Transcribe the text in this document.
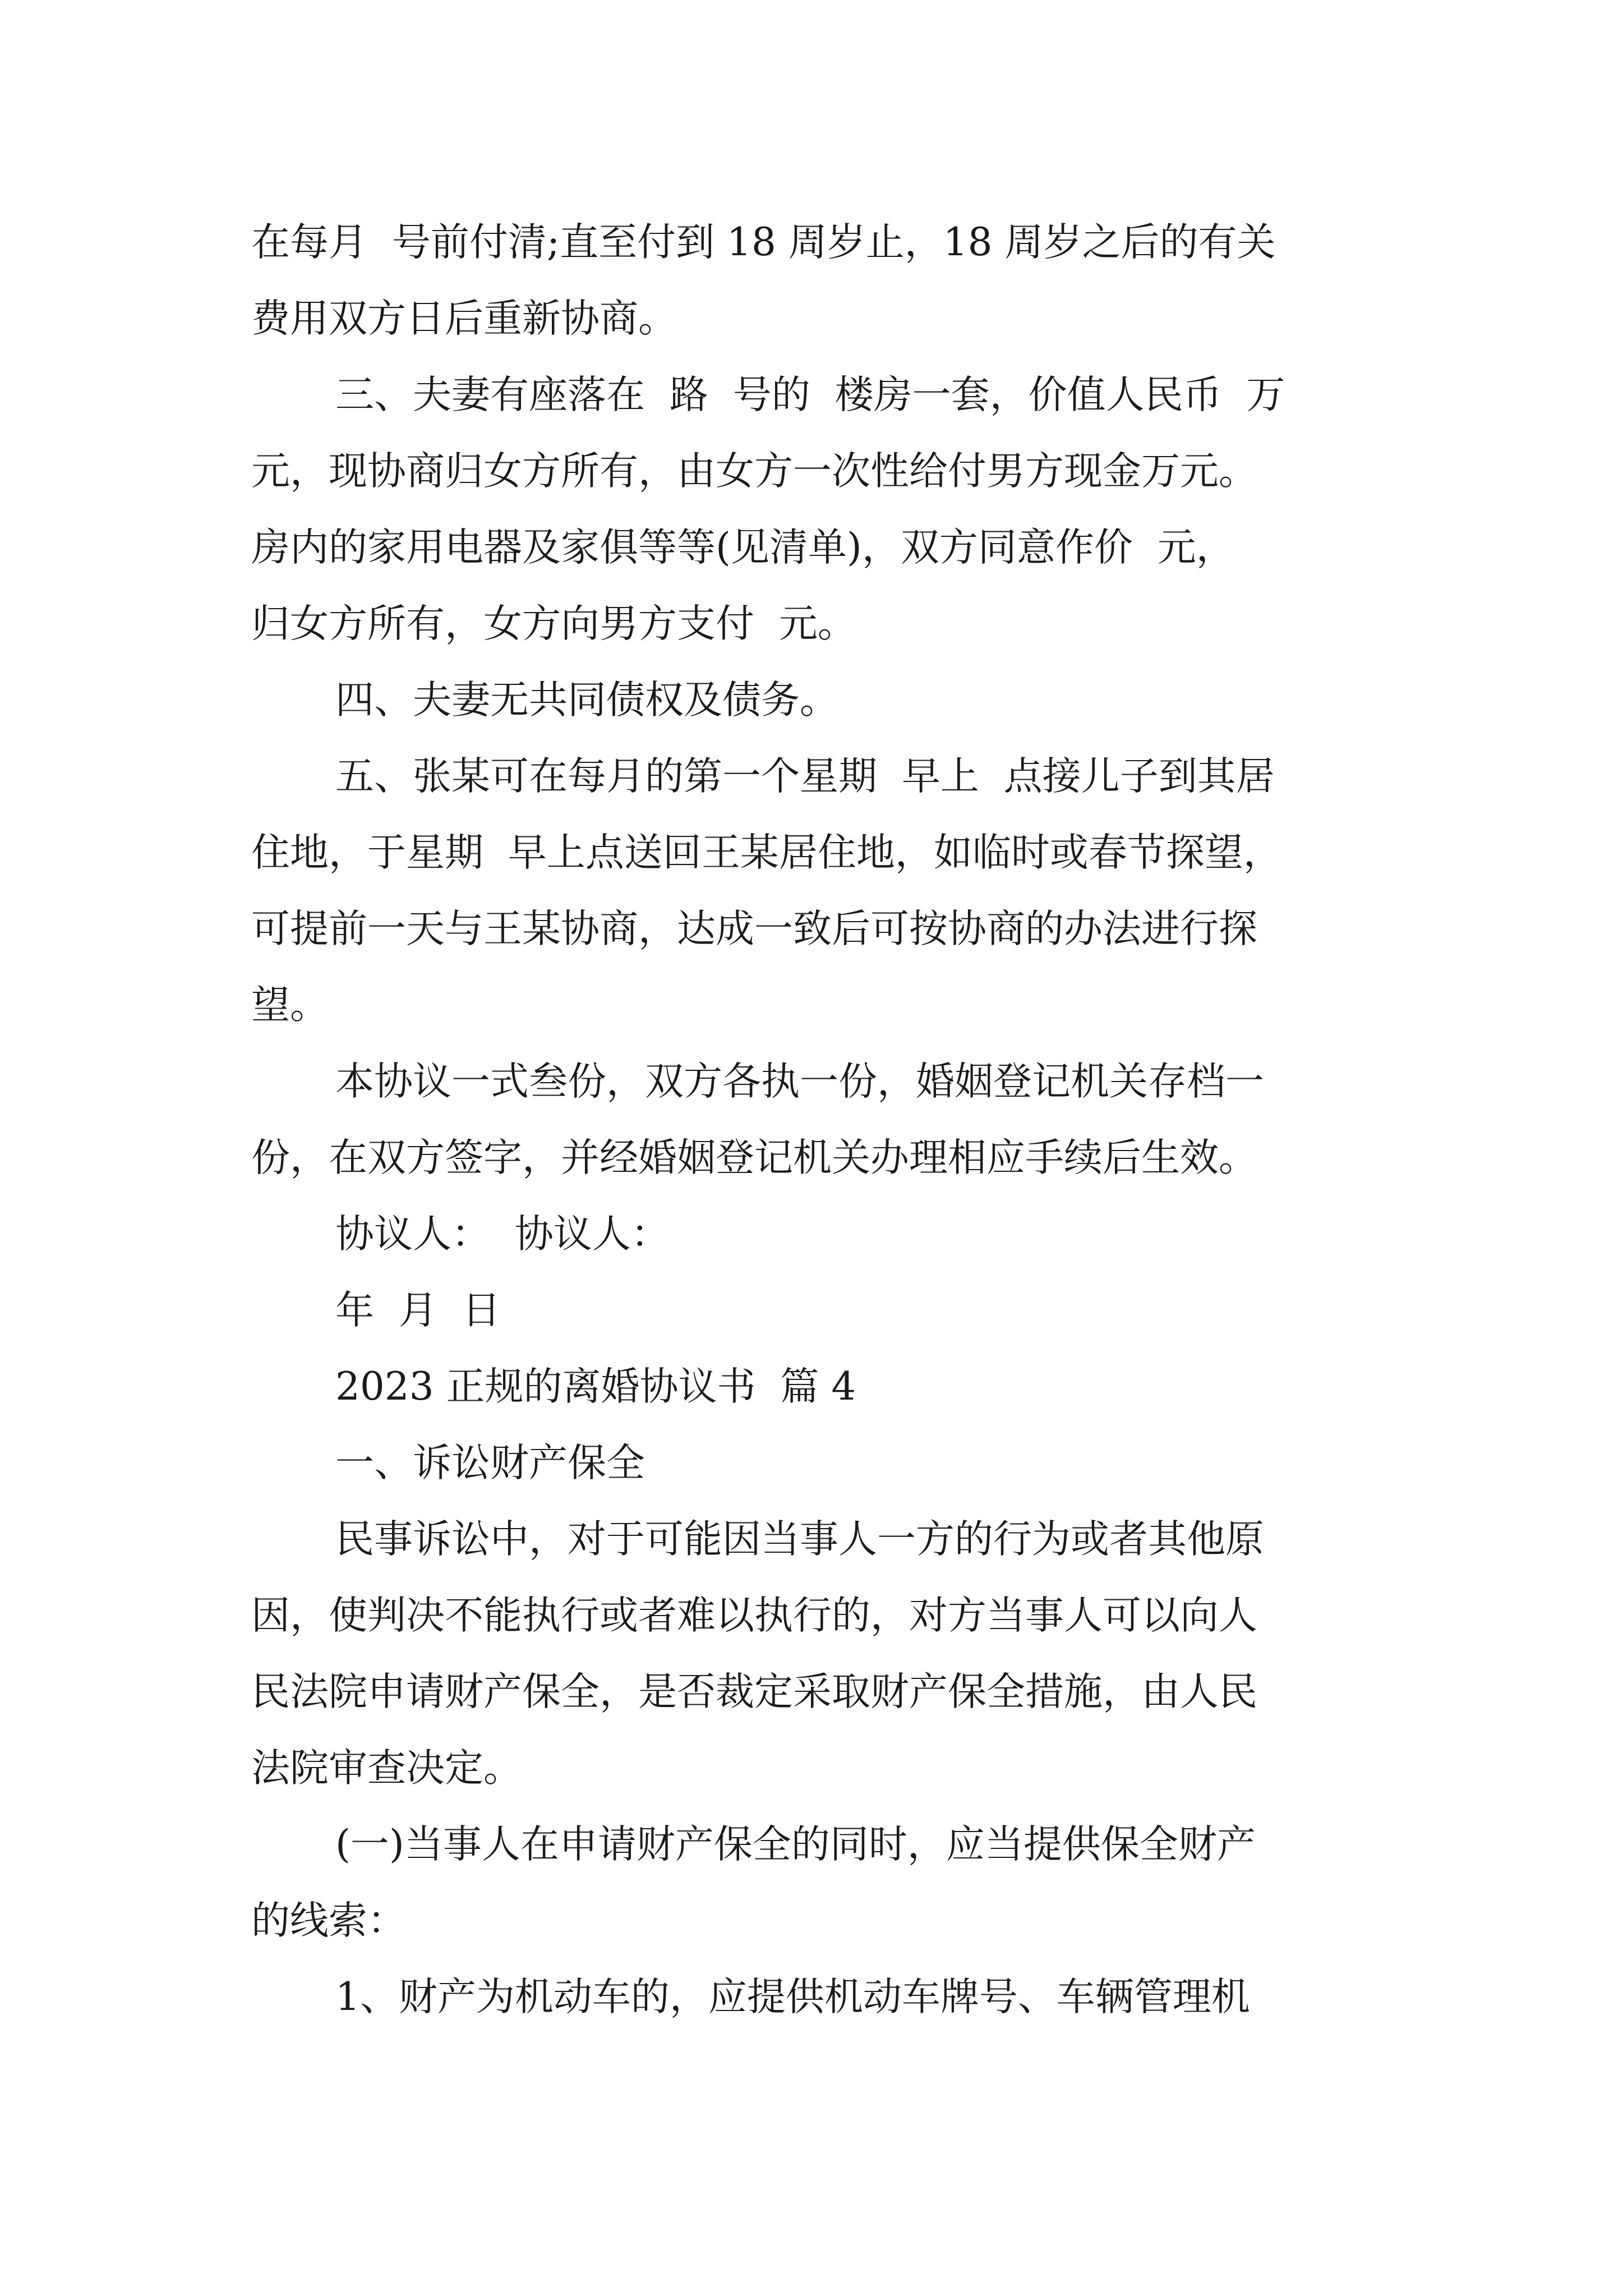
在每月  号前付清;直至付到 18 周岁止，18 周岁之后的有关
费用双方日后重新协商。
三、夫妻有座落在  路  号的  楼房一套，价值人民币  万
元，现协商归女方所有，由女方一次性给付男方现金万元。
房内的家用电器及家俱等等(见清单)，双方同意作价  元，
归女方所有，女方向男方支付  元。
四、夫妻无共同债权及债务。
五、张某可在每月的第一个星期  早上  点接儿子到其居
住地，于星期  早上点送回王某居住地，如临时或春节探望，
可提前一天与王某协商，达成一致后可按协商的办法进行探
望。
本协议一式叁份，双方各执一份，婚姻登记机关存档一
份，在双方签字，并经婚姻登记机关办理相应手续后生效。
协议人：  协议人：
年  月  日
2023 正规的离婚协议书  篇 4
一、诉讼财产保全
民事诉讼中，对于可能因当事人一方的行为或者其他原
因，使判决不能执行或者难以执行的，对方当事人可以向人
民法院申请财产保全，是否裁定采取财产保全措施，由人民
法院审查决定。
(一)当事人在申请财产保全的同时，应当提供保全财产
的线索：
1、财产为机动车的，应提供机动车牌号、车辆管理机
